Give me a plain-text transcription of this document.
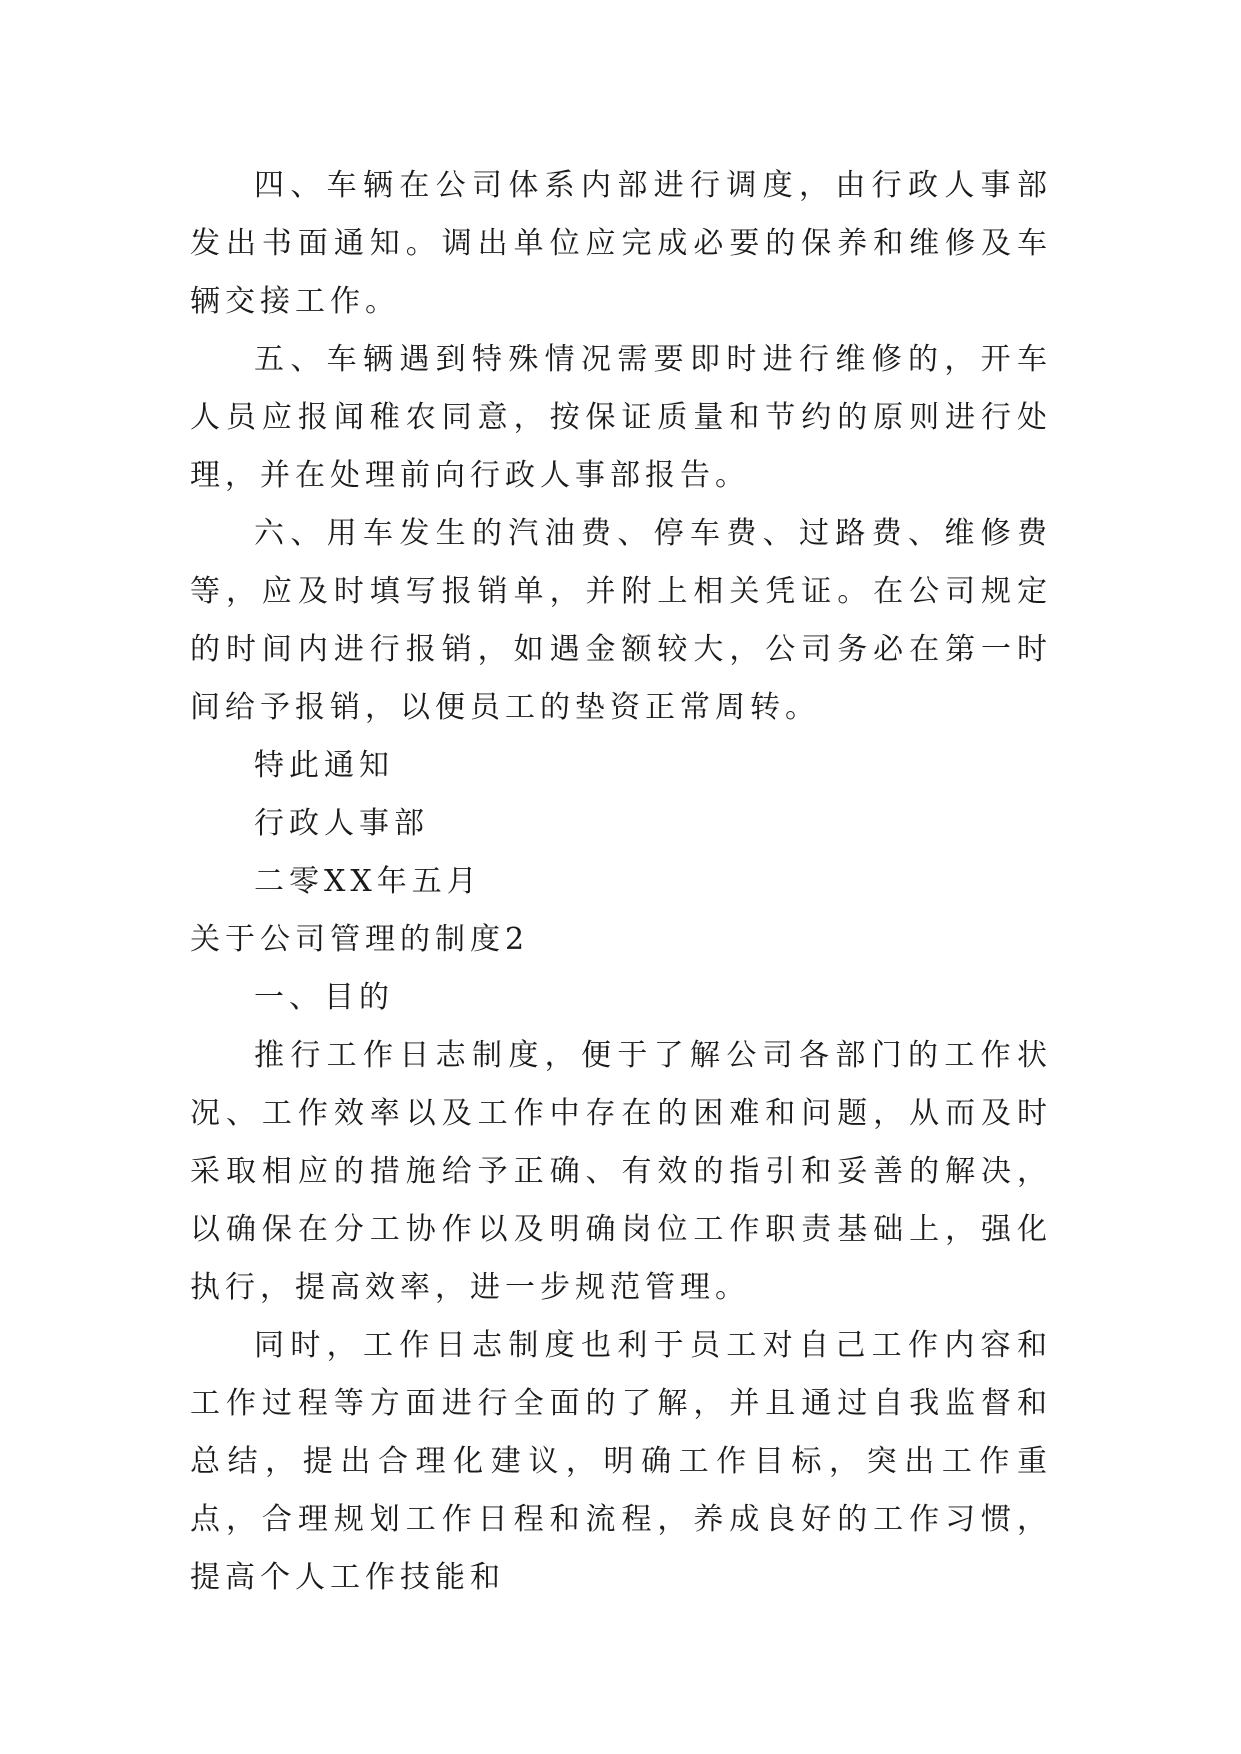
四、车辆在公司体系内部进行调度，由行政人事部发出书面通知。调出单位应完成必要的保养和维修及车辆交接工作。

五、车辆遇到特殊情况需要即时进行维修的，开车人员应报闻稚农同意，按保证质量和节约的原则进行处理，并在处理前向行政人事部报告。

六、用车发生的汽油费、停车费、过路费、维修费等，应及时填写报销单，并附上相关凭证。在公司规定的时间内进行报销，如遇金额较大，公司务必在第一时间给予报销，以便员工的垫资正常周转。

特此通知

行政人事部

二零XX年五月

关于公司管理的制度2

一、目的

推行工作日志制度，便于了解公司各部门的工作状况、工作效率以及工作中存在的困难和问题，从而及时采取相应的措施给予正确、有效的指引和妥善的解决，以确保在分工协作以及明确岗位工作职责基础上，强化执行，提高效率，进一步规范管理。

同时，工作日志制度也利于员工对自己工作内容和工作过程等方面进行全面的了解，并且通过自我监督和总结，提出合理化建议，明确工作目标，突出工作重点，合理规划工作日程和流程，养成良好的工作习惯，提高个人工作技能和
